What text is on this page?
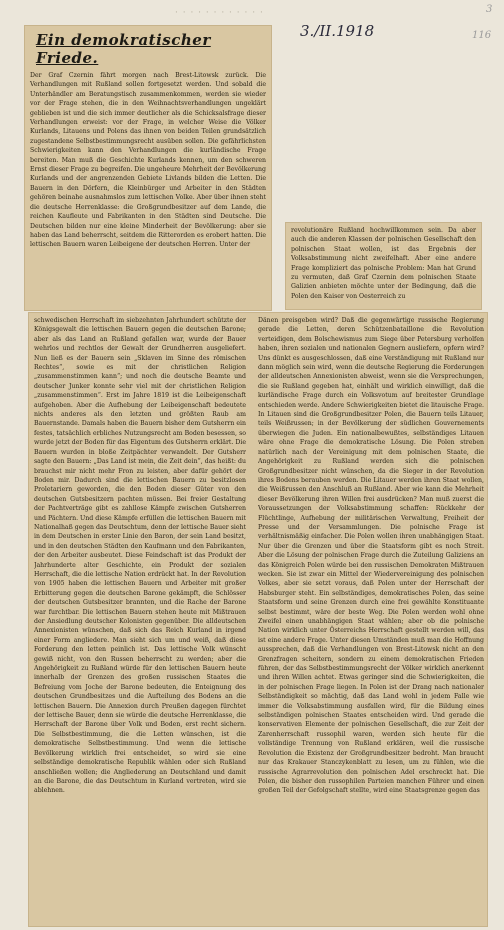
· · · · · · · · · · · ·	3
116
3./II.1918
Ein demokratischer Friede.

Der Graf Czernin fährt morgen nach Brest-Litowsk zurück. Die Verhandlungen mit Rußland sollen fortgesetzt werden. Und sobald die Unterhändler am Beratungstisch zusammenkommen, werden sie wieder vor der Frage stehen, die in den Weihnachtsverhandlungen ungeklärt geblieben ist und die sich immer deutlicher als die Schicksalsfrage dieser Verhandlungen erweist: vor der Frage, in welcher Weise die Völker Kurlands, Litauens und Polens das ihnen von beiden Teilen grundsätzlich zugestandene Selbstbestimmungsrecht ausüben sollen. Die gefährlichsten Schwierigkeiten kann den Verhandlungen die kurländische Frage bereiten. Man muß die Geschichte Kurlands kennen, um den schweren Ernst dieser Frage zu begreifen. Die ungeheure Mehrheit der Bevölkerung Kurlands und der angrenzenden Gebiete Livlands bilden die Letten. Die Bauern in den Dörfern, die Kleinbürger und Arbeiter in den Städten gehören beinahe ausnahmslos zum lettischen Volke. Aber über ihnen steht die deutsche Herrenklasse: die Großgrundbesitzer auf dem Lande, die reichen Kaufleute und Fabrikanten in den Städten sind Deutsche. Die Deutschen bilden nur eine kleine Minderheit der Bevölkerung: aber sie haben das Land beherrscht, seitdem die Ritterorden es erobert hatten. Die lettischen Bauern waren Leibeigene der deutschen Herren. Unter der

revolutionäre Rußland hochwillkommen sein. Da aber auch die anderen Klassen der polnischen Gesellschaft den polnischen Staat wollen, ist das Ergebnis der Volksabstimmung nicht zweifelhaft. Aber eine andere Frage kompliziert das polnische Problem: Man hat Grund zu vermuten, daß Graf Czernin dem polnischen Staate Galizien anbieten möchte unter der Bedingung, daß die Polen den Kaiser von Oesterreich zu

schwedischen Herrschaft im siebzehnten Jahrhundert schützte der Königsgewalt die lettischen Bauern gegen die deutschen Barone; aber als das Land an Rußland gefallen war, wurde der Bauer wehrlos und rechtlos der Gewalt der Grundherren ausgeliefert. Nun ließ es der Bauern sein „Sklaven im Sinne des römischen Rechtes“, sowie es mit der christlichen Religion „zusammenstimmen kann“; und noch die deutsche Beamte und deutscher Junker konnte sehr viel mit der christlichen Religion „zusammenstimmen“. Erst im Jahre 1819 ist die Leibeigenschaft aufgehoben. Aber die Aufhebung der Leibeigenschaft bedeutete nichts anderes als den letzten und größten Raub am Bauernstande. Damals haben die Bauern bisher dem Gutsherrn ein festes, tatsächlich erbliches Nutzungsrecht am Boden besessen, so wurde jetzt der Boden für das Eigentum des Gutsherrn erklärt. Die Bauern wurden in bloße Zeitpächter verwandelt. Der Gutsherr sagte den Bauern: „Das Land ist mein, die Zeit dein“, das heißt: du brauchst mir nicht mehr Fron zu leisten, aber dafür gehört der Boden mir. Dadurch sind die lettischen Bauern zu besitzlosen Proletariern geworden, die den Boden dieser Güter von den deutschen Gutsbesitzern pachten müssen. Bei freier Gestaltung der Pachtverträge gibt es zahllose Kämpfe zwischen Gutsherren und Pächtern. Und diese Kämpfe erfüllen die lettischen Bauern mit Nationalhaß gegen das Deutschtum, denn der lettische Bauer sieht in dem Deutschen in erster Linie den Baron, der sein Land besitzt, und in den deutschen Städten den Kaufmann und den Fabrikanten, der den Arbeiter ausbeutet. Diese Feindschaft ist das Produkt der Jahrhunderte alter Geschichte, ein Produkt der sozialen Herrschaft, die die lettische Nation erdrückt hat. In der Revolution von 1905 haben die lettischen Bauern und Arbeiter mit großer Erbitterung gegen die deutschen Barone gekämpft, die Schlösser der deutschen Gutsbesitzer brannten, und die Rache der Barone war furchtbar. Die lettischen Bauern stehen heute mit Mißtrauen der Ansiedlung deutscher Kolonisten gegenüber. Die alldeutschen Annexionisten wünschen, daß sich das Reich Kurland in irgend einer Form angliedere. Man sieht sich um und weiß, daß diese Forderung den letten peinlich ist. Das lettische Volk wünscht gewiß nicht, von den Russen beherrscht zu werden; aber die Angehörigkeit zu Rußland würde für den lettischen Bauern heute innerhalb der Grenzen des großen russischen Staates die Befreiung vom Joche der Barone bedeuten, die Enteignung des deutschen Grundbesitzes und die Aufteilung des Bodens an die lettischen Bauern. Die Annexion durch Preußen dagegen fürchtet der lettische Bauer, denn sie würde die deutsche Herrenklasse, die Herrschaft der Barone über Volk und Boden, erst recht sichern. Die Selbstbestimmung, die die Letten wünschen, ist die demokratische Selbstbestimmung. Und wenn die lettische Bevölkerung wirklich frei entscheidet, so wird sie eine selbständige demokratische Republik wählen oder sich Rußland anschließen wollen; die Angliederung an Deutschland und damit an die Barone, die das Deutschtum in Kurland vertreten, wird sie ablehnen.

Dänen preisgeben wird? Daß die gegenwärtige russische Regierung gerade die Letten, deren Schützenbataillone die Revolution verteidigen, dem Bolschewismus zum Siege über Petersburg verholfen haben, ihren sozialen und nationalen Gegnern ausliefern, opfern wird? Uns dünkt es ausgeschlossen, daß eine Verständigung mit Rußland nur dann möglich sein wird, wenn die deutsche Regierung die Forderungen der alldeutschen Annexionisten abweist, wenn sie die Versprechungen, die sie Rußland gegeben hat, einhält und wirklich einwilligt, daß die kurländische Frage durch ein Volksvotum auf breitester Grundlage entschieden werde. Andere Schwierigkeiten bietet die litauische Frage. In Litauen sind die Großgrundbesitzer Polen, die Bauern teils Litauer, teils Weißrussen; in der Bevölkerung der südlichen Gouvernements überwiegen die Juden. Ein nationalbewußtes, selbständiges Litauen wäre ohne Frage die demokratische Lösung. Die Polen streben natürlich nach der Vereinigung mit dem polnischen Staate, die Angehörigkeit zu Rußland werden sich die polnischen Großgrundbesitzer nicht wünschen, da die Sieger in der Revolution ihres Bodens berauben werden. Die Litauer werden ihren Staat wollen, die Weißrussen den Anschluß an Rußland. Aber wie kann die Mehrheit dieser Bevölkerung ihren Willen frei ausdrücken? Man muß zuerst die Voraussetzungen der Volksabstimmung schaffen: Rückkehr der Flüchtlinge, Aufhebung der militärischen Verwaltung, Freiheit der Presse und der Versammlungen. Die polnische Frage ist verhältnismäßig einfacher. Die Polen wollen ihren unabhängigen Staat. Nur über die Grenzen und über die Staatsform gibt es noch Streit. Aber die Lösung der polnischen Frage durch die Zuteilung Galiziens an das Königreich Polen würde bei den russischen Demokraten Mißtrauen wecken. Sie ist zwar ein Mittel der Wiedervereinigung des polnischen Volkes, aber sie setzt voraus, daß Polen unter der Herrschaft der Habsburger steht. Ein selbständiges, demokratisches Polen, das seine Staatsform und seine Grenzen durch eine frei gewählte Konstituante selbst bestimmt, wäre der beste Weg. Die Polen werden wohl ohne Zweifel einen unabhängigen Staat wählen; aber ob die polnische Nation wirklich unter Österreichs Herrschaft gestellt werden will, das ist eine andere Frage. Unter diesen Umständen muß man die Hoffnung aussprechen, daß die Verhandlungen von Brest-Litowsk nicht an den Grenzfragen scheitern, sondern zu einem demokratischen Frieden führen, der das Selbstbestimmungsrecht der Völker wirklich anerkennt und ihren Willen achtet. Etwas geringer sind die Schwierigkeiten, die in der polnischen Frage liegen. In Polen ist der Drang nach nationaler Selbständigkeit so mächtig, daß das Land wohl in jedem Falle wie immer die Volksabstimmung ausfallen wird, für die Bildung eines selbständigen polnischen Staates entscheiden wird. Und gerade die konservativen Elemente der polnischen Gesellschaft, die zur Zeit der Zarenherrschaft russophil waren, werden sich heute für die vollständige Trennung von Rußland erklären, weil die russische Revolution die Existenz der Großgrundbesitzer bedroht. Man braucht nur das Krakauer Stanczykenblatt zu lesen, um zu fühlen, wie die russische Agrarrevolution den polnischen Adel erschreckt hat. Die Polen, die bisher den russophilen Parteien manchen Führer und einen großen Teil der Gefolgschaft stellte, wird eine Staatsgrenze gegen das
